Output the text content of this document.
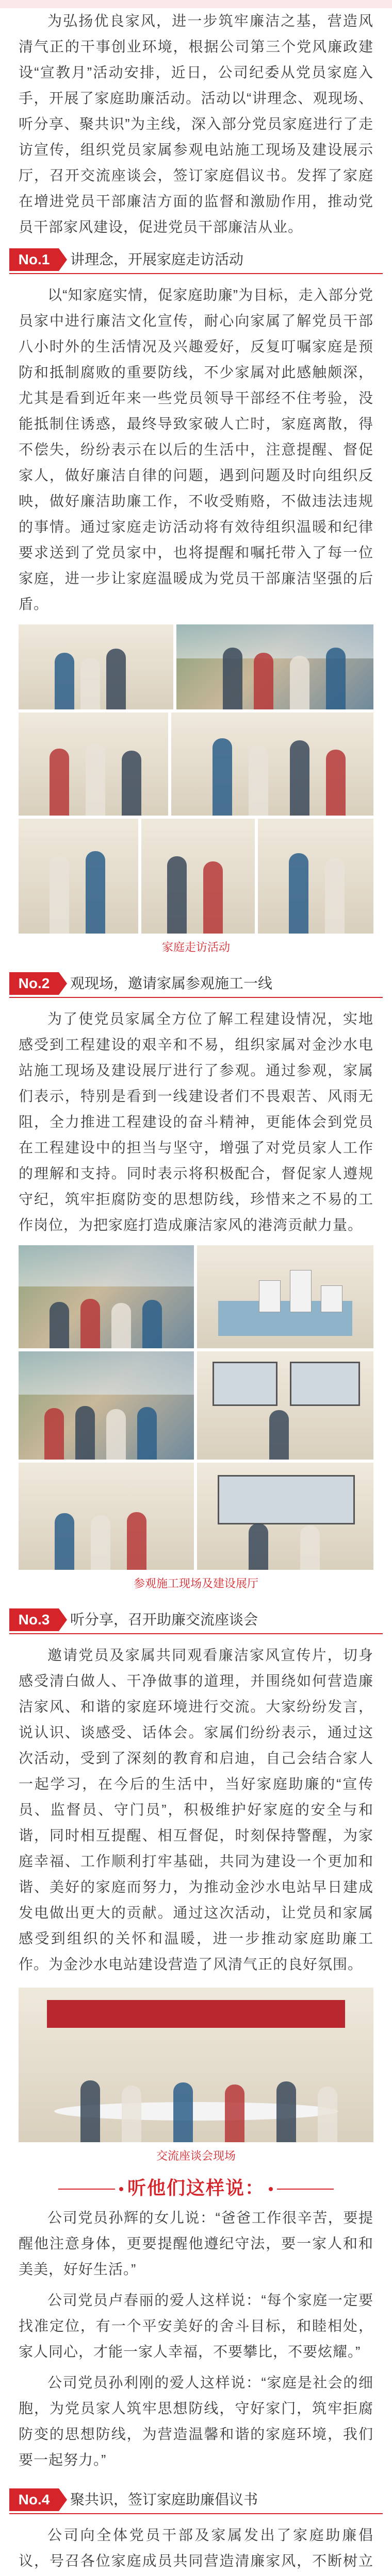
为弘扬优良家风，进一步筑牢廉洁之基，营造风清气正的干事创业环境，根据公司第三个党风廉政建设“宣教月”活动安排，近日，公司纪委从党员家庭入手，开展了家庭助廉活动。活动以“讲理念、观现场、听分享、聚共识”为主线，深入部分党员家庭进行了走访宣传，组织党员家属参观电站施工现场及建设展示厅，召开交流座谈会，签订家庭倡议书。发挥了家庭在增进党员干部廉洁方面的监督和激励作用，推动党员干部家风建设，促进党员干部廉洁从业。

No.1	讲理念，开展家庭走访活动

以“知家庭实情，促家庭助廉”为目标，走入部分党员家中进行廉洁文化宣传，耐心向家属了解党员干部八小时外的生活情况及兴趣爱好，反复叮嘱家庭是预防和抵制腐败的重要防线，不少家属对此感触颇深，尤其是看到近年来一些党员领导干部经不住考验，没能抵制住诱惑，最终导致家破人亡时，家庭离散，得不偿失，纷纷表示在以后的生活中，注意提醒、督促家人，做好廉洁自律的问题，遇到问题及时向组织反映，做好廉洁助廉工作，不收受贿赂，不做违法违规的事情。通过家庭走访活动将有效待组织温暖和纪律要求送到了党员家中，也将提醒和嘱托带入了每一位家庭，进一步让家庭温暖成为党员干部廉洁坚强的后盾。

家庭走访活动
No.2	观现场，邀请家属参观施工一线

为了使党员家属全方位了解工程建设情况，实地感受到工程建设的艰辛和不易，组织家属对金沙水电站施工现场及建设展厅进行了参观。通过参观，家属们表示，特别是看到一线建设者们不畏艰苦、风雨无阻，全力推进工程建设的奋斗精神，更能体会到党员在工程建设中的担当与坚守，增强了对党员家人工作的理解和支持。同时表示将积极配合，督促家人遵规守纪，筑牢拒腐防变的思想防线，珍惜来之不易的工作岗位，为把家庭打造成廉洁家风的港湾贡献力量。

参观施工现场及建设展厅
No.3	听分享，召开助廉交流座谈会

邀请党员及家属共同观看廉洁家风宣传片，切身感受清白做人、干净做事的道理，并围绕如何营造廉洁家风、和谐的家庭环境进行交流。大家纷纷发言，说认识、谈感受、话体会。家属们纷纷表示，通过这次活动，受到了深刻的教育和启迪，自己会结合家人一起学习，在今后的生活中，当好家庭助廉的“宣传员、监督员、守门员”，积极维护好家庭的安全与和谐，同时相互提醒、相互督促，时刻保持警醒，为家庭幸福、工作顺利打牢基础，共同为建设一个更加和谐、美好的家庭而努力，为推动金沙水电站早日建成发电做出更大的贡献。通过这次活动，让党员和家属感受到组织的关怀和温暖，进一步推动家庭助廉工作。为金沙水电站建设营造了风清气正的良好氛围。

交流座谈会现场
听他们这样说：

公司党员孙辉的女儿说：“爸爸工作很辛苦，要提醒他注意身体，更要提醒他遵纪守法，要一家人和和美美，好好生活。”

公司党员卢春丽的爱人这样说：“每个家庭一定要找准定位，有一个平安美好的舍斗目标，和睦相处，家人同心，才能一家人幸福，不要攀比，不要炫耀。”

公司党员孙利刚的爱人这样说：“家庭是社会的细胞，为党员家人筑牢思想防线，守好家门，筑牢拒腐防变的思想防线，为营造温馨和谐的家庭环境，我们要一起努力。”

No.4	聚共识，签订家庭助廉倡议书

公司向全体党员干部及家属发出了家庭助廉倡议，号召各位家庭成员共同营造清廉家风，不断树立
